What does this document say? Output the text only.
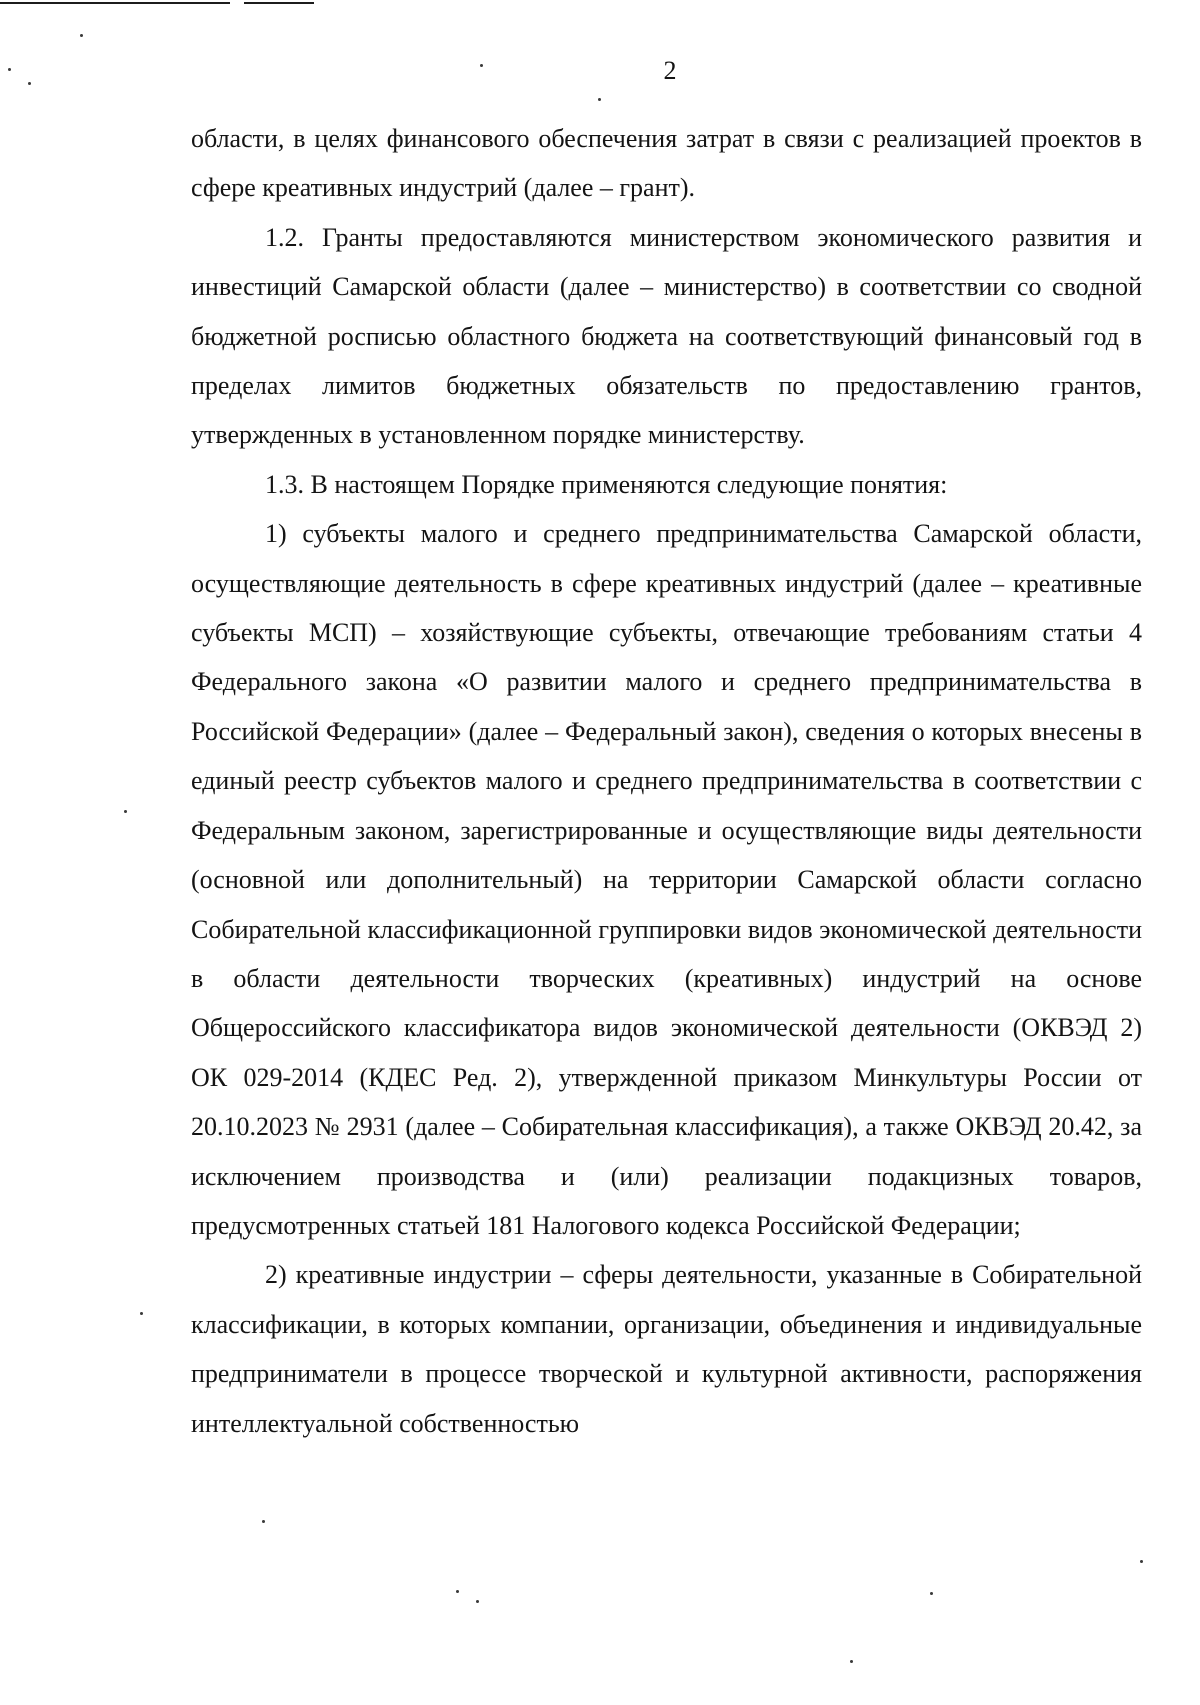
2

области, в целях финансового обеспечения затрат в связи с реализацией проектов в сфере креативных индустрий (далее – грант).

1.2. Гранты предоставляются министерством экономического развития и инвестиций Самарской области (далее – министерство) в соответствии со сводной бюджетной росписью областного бюджета на соответствующий финансовый год в пределах лимитов бюджетных обязательств по предоставлению грантов, утвержденных в установленном порядке министерству.

1.3. В настоящем Порядке применяются следующие понятия:

1) субъекты малого и среднего предпринимательства Самарской области, осуществляющие деятельность в сфере креативных индустрий (далее – креативные субъекты МСП) – хозяйствующие субъекты, отвечающие требованиям статьи 4 Федерального закона «О развитии малого и среднего предпринимательства в Российской Федерации» (далее – Федеральный закон), сведения о которых внесены в единый реестр субъектов малого и среднего предпринимательства в соответствии с Федеральным законом, зарегистрированные и осуществляющие виды деятельности (основной или дополнительный) на территории Самарской области согласно Собирательной классификационной группировки видов экономической деятельности в области деятельности творческих (креативных) индустрий на основе Общероссийского классификатора видов экономической деятельности (ОКВЭД 2) ОК 029-2014 (КДЕС Ред. 2), утвержденной приказом Минкультуры России от 20.10.2023 № 2931 (далее – Собирательная классификация), а также ОКВЭД 20.42, за исключением производства и (или) реализации подакцизных товаров, предусмотренных статьей 181 Налогового кодекса Российской Федерации;

2) креативные индустрии – сферы деятельности, указанные в Собирательной классификации, в которых компании, организации, объединения и индивидуальные предприниматели в процессе творческой и культурной активности, распоряжения интеллектуальной собственностью
